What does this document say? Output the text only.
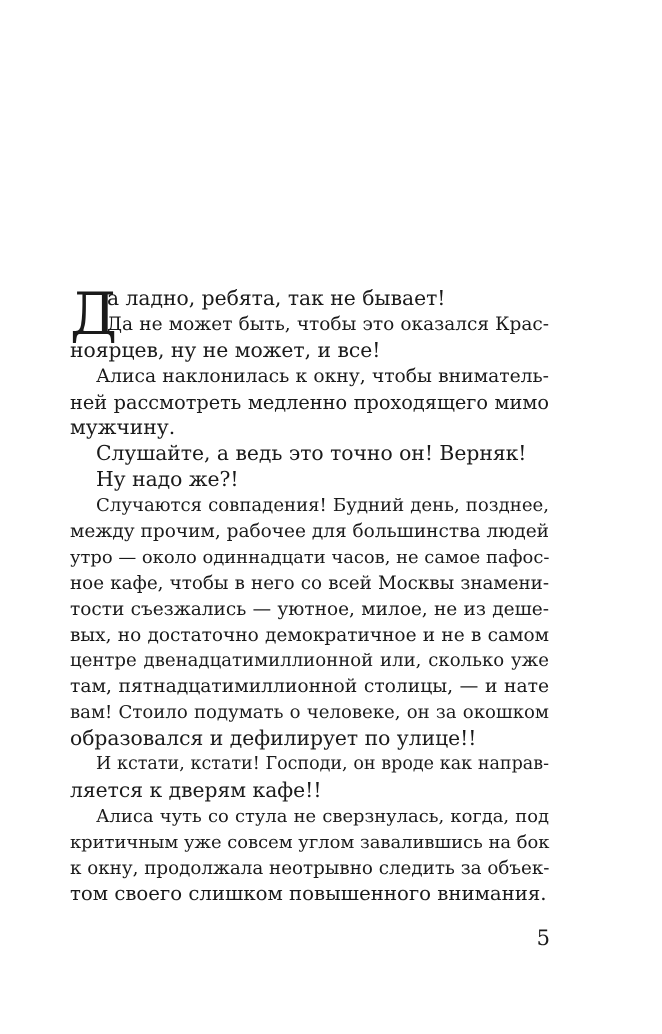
Д
а ладно, ребята, так не бывает!
Да не может быть, чтобы это оказался Крас-
ноярцев, ну не может, и все!
Алиса наклонилась к окну, чтобы вниматель-
ней рассмотреть медленно проходящего мимо
мужчину.
Слушайте, а ведь это точно он! Верняк!
Ну надо же?!
Случаются совпадения! Будний день, позднее,
между прочим, рабочее для большинства людей
утро — около одиннадцати часов, не самое пафос-
ное кафе, чтобы в него со всей Москвы знамени-
тости съезжались — уютное, милое, не из деше-
вых, но достаточно демократичное и не в самом
центре двенадцатимиллионной или, сколько уже
там, пятнадцатимиллионной столицы, — и нате
вам! Стоило подумать о человеке, он за окошком
образовался и дефилирует по улице!!
И кстати, кстати! Господи, он вроде как направ-
ляется к дверям кафе!!
Алиса чуть со стула не сверзнулась, когда, под
критичным уже совсем углом завалившись на бок
к окну, продолжала неотрывно следить за объек-
том своего слишком повышенного внимания.
5
